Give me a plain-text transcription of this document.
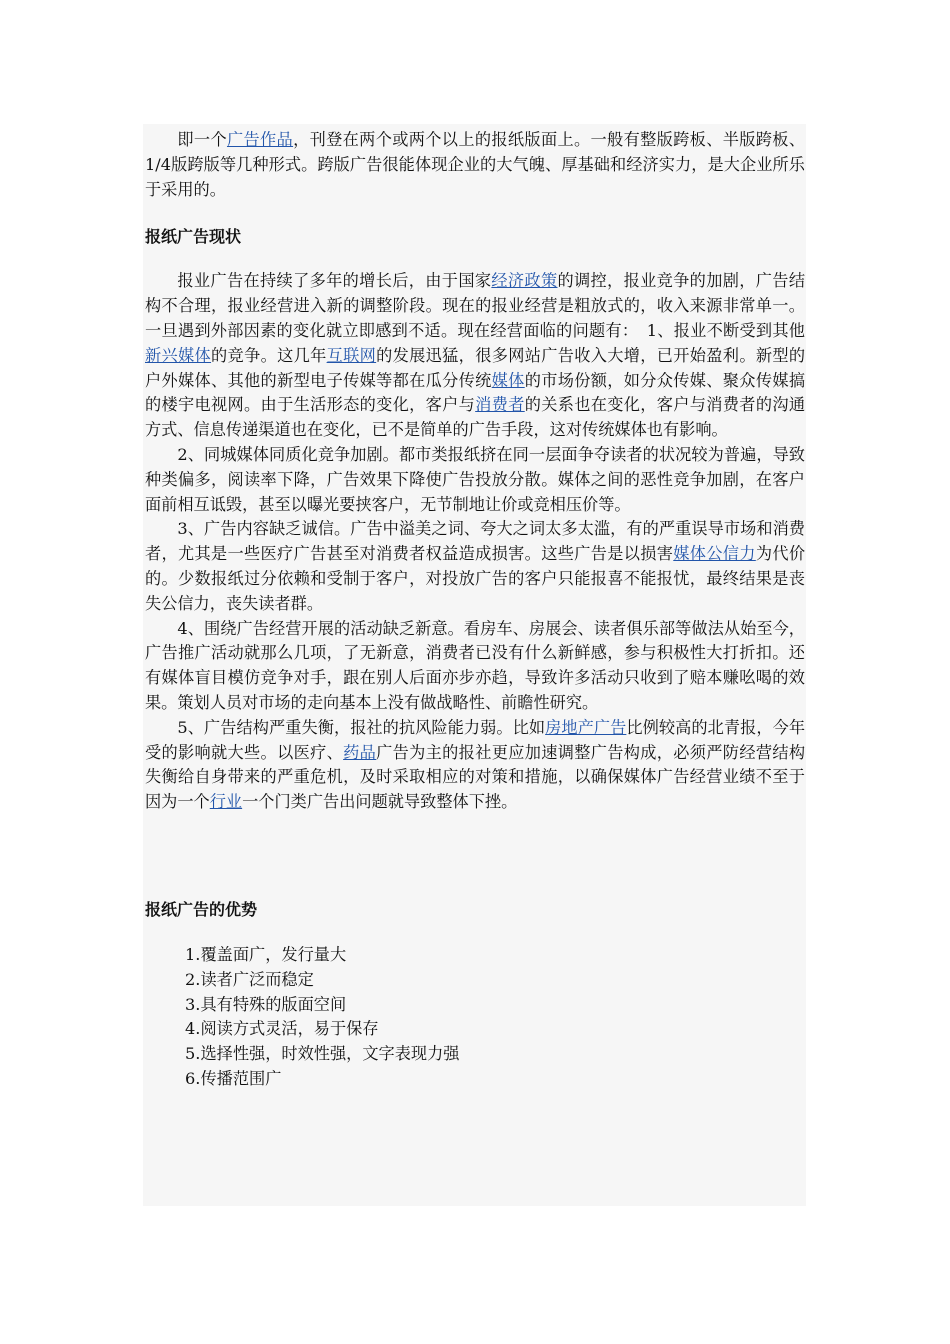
即一个广告作品，刊登在两个或两个以上的报纸版面上。一般有整版跨板、半版跨板、1/4版跨版等几种形式。跨版广告很能体现企业的大气魄、厚基础和经济实力，是大企业所乐于采用的。

报纸广告现状

报业广告在持续了多年的增长后，由于国家经济政策的调控，报业竞争的加剧，广告结构不合理，报业经营进入新的调整阶段。现在的报业经营是粗放式的，收入来源非常单一。一旦遇到外部因素的变化就立即感到不适。现在经营面临的问题有：　1、报业不断受到其他新兴媒体的竞争。这几年互联网的发展迅猛，很多网站广告收入大增，已开始盈利。新型的户外媒体、其他的新型电子传媒等都在瓜分传统媒体的市场份额，如分众传媒、聚众传媒搞的楼宇电视网。由于生活形态的变化，客户与消费者的关系也在变化，客户与消费者的沟通方式、信息传递渠道也在变化，已不是简单的广告手段，这对传统媒体也有影响。

2、同城媒体同质化竞争加剧。都市类报纸挤在同一层面争夺读者的状况较为普遍，导致种类偏多，阅读率下降，广告效果下降使广告投放分散。媒体之间的恶性竞争加剧，在客户面前相互诋毁，甚至以曝光要挟客户，无节制地让价或竞相压价等。

3、广告内容缺乏诚信。广告中溢美之词、夸大之词太多太滥，有的严重误导市场和消费者，尤其是一些医疗广告甚至对消费者权益造成损害。这些广告是以损害媒体公信力为代价的。少数报纸过分依赖和受制于客户，对投放广告的客户只能报喜不能报忧，最终结果是丧失公信力，丧失读者群。

4、围绕广告经营开展的活动缺乏新意。看房车、房展会、读者俱乐部等做法从始至今，广告推广活动就那么几项，了无新意，消费者已没有什么新鲜感，参与积极性大打折扣。还有媒体盲目模仿竞争对手，跟在别人后面亦步亦趋，导致许多活动只收到了赔本赚吆喝的效果。策划人员对市场的走向基本上没有做战略性、前瞻性研究。

5、广告结构严重失衡，报社的抗风险能力弱。比如房地产广告比例较高的北青报，今年受的影响就大些。以医疗、药品广告为主的报社更应加速调整广告构成，必须严防经营结构失衡给自身带来的严重危机，及时采取相应的对策和措施，以确保媒体广告经营业绩不至于因为一个行业一个门类广告出问题就导致整体下挫。

报纸广告的优势
1.覆盖面广，发行量大
2.读者广泛而稳定
3.具有特殊的版面空间
4.阅读方式灵活，易于保存
5.选择性强，时效性强，文字表现力强
6.传播范围广
